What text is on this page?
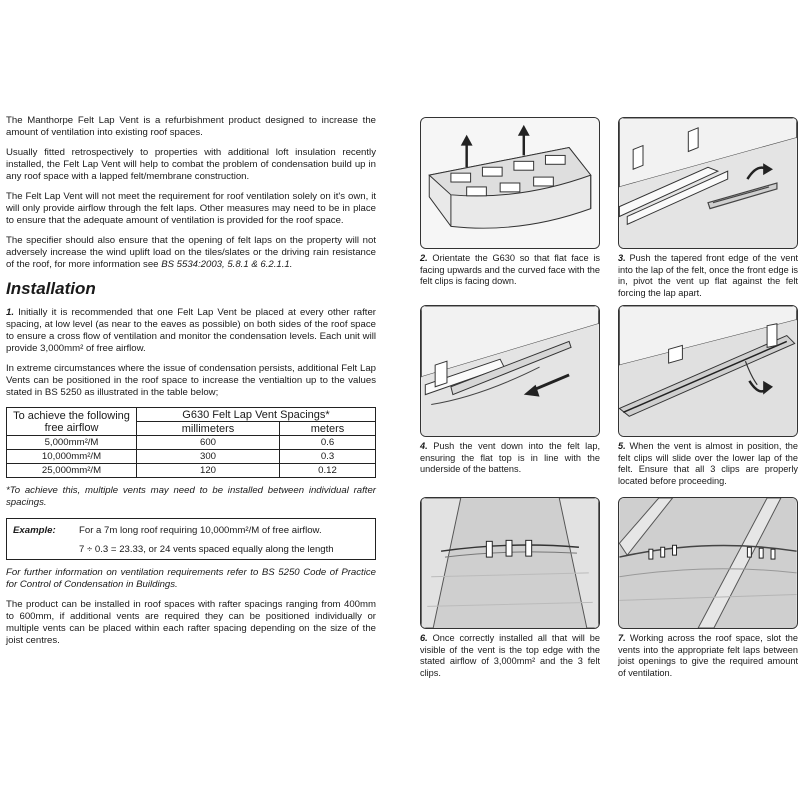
The Manthorpe Felt Lap Vent is a refurbishment product designed to increase the amount of ventilation into existing roof spaces.

Usually fitted retrospectively to properties with additional loft insulation recently installed, the Felt Lap Vent will help to combat the problem of condensation build up in any roof space with a lapped felt/membrane construction.

The Felt Lap Vent will not meet the requirement for roof ventilation solely on it's own, it will only provide airflow through the felt laps. Other measures may need to be in place to ensure that the adequate amount of ventilation is provided for the roof space.

The specifier should also ensure that the opening of felt laps on the property will not adversely increase the wind uplift load on the tiles/slates or the driving rain resistance of the roof, for more information see BS 5534:2003, 5.8.1 & 6.2.1.1.

Installation

1. Initially it is recommended that one Felt Lap Vent be placed at every other rafter spacing, at low level (as near to the eaves as possible) on both sides of the roof space to ensure a cross flow of ventilation and monitor the condensation levels. Each unit will provide 3,000mm² of free airflow.

In extreme circumstances where the issue of condensation persists, additional Felt Lap Vents can be positioned in the roof space to increase the ventialtion up to the values stated in BS 5250 as illustrated in the table below;

To achieve the following free airflow	G630 Felt Lap Vent Spacings*	
	millimeters	meters
5,000mm²/M	600	0.6
10,000mm²/M	300	0.3
25,000mm²/M	120	0.12

*To achieve this, multiple vents may need to be installed between individual rafter spacings.

Example: For a 7m long roof requiring 10,000mm²/M of free airflow.
7 ÷ 0.3 = 23.33, or 24 vents spaced equally along the length

For further information on ventilation requirements refer to BS 5250 Code of Practice for Control of Condensation in Buildings.

The product can be installed in roof spaces with rafter spacings ranging from 400mm to 600mm, if additional vents are required they can be positioned individually or multiple vents can be placed within each rafter spacing depending on the size of the joist centres.

2. Orientate the G630 so that flat face is facing upwards and the curved face with the felt clips is facing down.

3. Push the tapered front edge of the vent into the lap of the felt, once the front edge is in, pivot the vent up flat against the felt forcing the lap apart.

4. Push the vent down into the felt lap, ensuring the flat top is in line with the underside of the battens.

5. When the vent is almost in position, the felt clips will slide over the lower lap of the felt. Ensure that all 3 clips are properly located before proceeding.

6. Once correctly installed all that will be visible of the vent is the top edge with the stated airflow of 3,000mm² and the 3 felt clips.

7. Working across the roof space, slot the vents into the appropriate felt laps between joist openings to give the required amount of ventilation.
